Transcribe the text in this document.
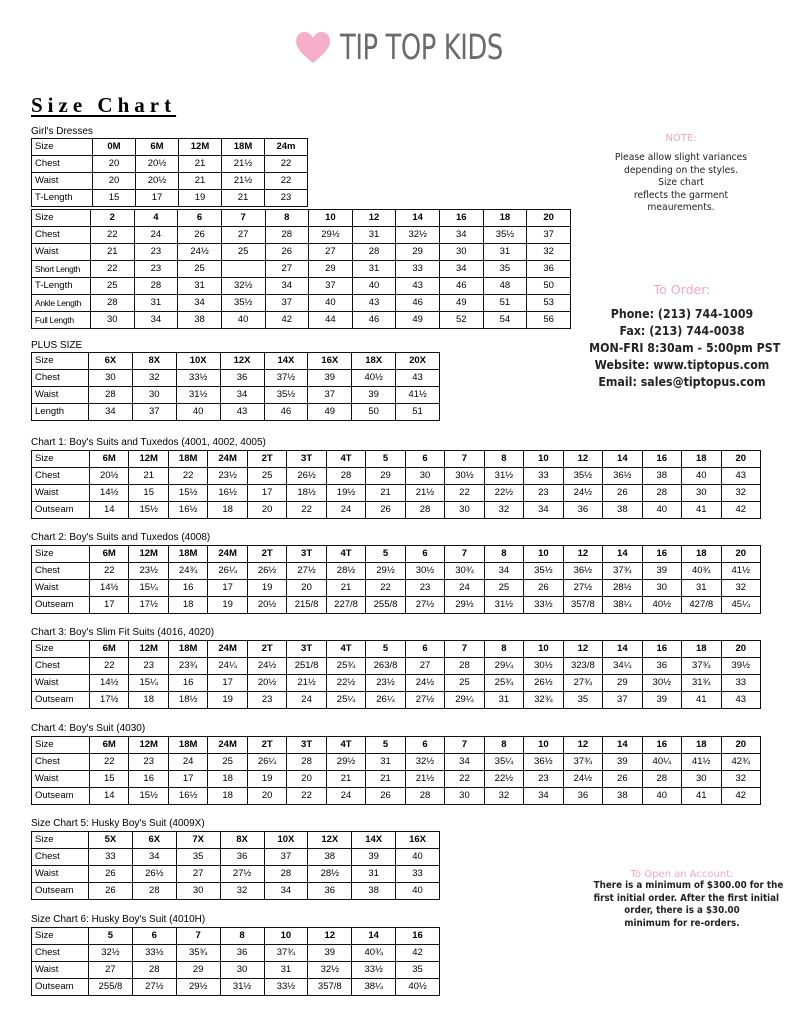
TIP TOP KIDS
Size Chart
Girl's Dresses
Size	0M	6M	12M	18M	24m
Chest	20	20½	21	21½	22
Waist	20	20½	21	21½	22
T-Length	15	17	19	21	23
Size	2	4	6	7	8	10	12	14	16	18	20
Chest	22	24	26	27	28	29½	31	32½	34	35½	37
Waist	21	23	24½	25	26	27	28	29	30	31	32
Short Length	22	23	25		27	29	31	33	34	35	36
T-Length	25	28	31	32½	34	37	40	43	46	48	50
Ankle Length	28	31	34	35½	37	40	43	46	49	51	53
Full Length	30	34	38	40	42	44	46	49	52	54	56
PLUS SIZE
Size	6X	8X	10X	12X	14X	16X	18X	20X
Chest	30	32	33½	36	37½	39	40½	43
Waist	28	30	31½	34	35½	37	39	41½
Length	34	37	40	43	46	49	50	51
Chart 1: Boy's Suits and Tuxedos (4001, 4002, 4005)
Size	6M	12M	18M	24M	2T	3T	4T	5	6	7	8	10	12	14	16	18	20
Chest	20½	21	22	23½	25	26½	28	29	30	30½	31½	33	35½	36½	38	40	43
Waist	14½	15	15½	16½	17	18½	19½	21	21½	22	22½	23	24½	26	28	30	32
Outseam	14	15½	16½	18	20	22	24	26	28	30	32	34	36	38	40	41	42
Chart 2: Boy's Suits and Tuxedos (4008)
Size	6M	12M	18M	24M	2T	3T	4T	5	6	7	8	10	12	14	16	18	20
Chest	22	23½	24¾	26¼	26½	27½	28½	29½	30½	30¾	34	35½	36½	37¾	39	40¾	41½
Waist	14½	15¼	16	17	19	20	21	22	23	24	25	26	27½	28½	30	31	32
Outseam	17	17½	18	19	20½	215/8	227/8	255/8	27½	29½	31½	33½	357/8	38¼	40½	427/8	45¼
Chart 3: Boy's Slim Fit Suits (4016, 4020)
Size	6M	12M	18M	24M	2T	3T	4T	5	6	7	8	10	12	14	16	18	20
Chest	22	23	23¾	24¼	24½	251/8	25¾	263/8	27	28	29¼	30½	323/8	34¼	36	37¾	39½
Waist	14½	15¼	16	17	20½	21½	22½	23½	24½	25	25¾	26½	27¾	29	30½	31¾	33
Outseam	17½	18	18½	19	23	24	25¼	26¼	27½	29¼	31	32¾	35	37	39	41	43
Chart 4: Boy's Suit (4030)
Size	6M	12M	18M	24M	2T	3T	4T	5	6	7	8	10	12	14	16	18	20
Chest	22	23	24	25	26¼	28	29½	31	32½	34	35¼	36½	37¾	39	40¼	41½	42¾
Waist	15	16	17	18	19	20	21	21	21½	22	22½	23	24½	26	28	30	32
Outseam	14	15½	16½	18	20	22	24	26	28	30	32	34	36	38	40	41	42
Size Chart 5: Husky Boy's Suit (4009X)
Size	5X	6X	7X	8X	10X	12X	14X	16X
Chest	33	34	35	36	37	38	39	40
Waist	26	26½	27	27½	28	28½	31	33
Outseam	26	28	30	32	34	36	38	40
Size Chart 6: Husky Boy's Suit (4010H)
Size	5	6	7	8	10	12	14	16
Chest	32½	33½	35¾	36	37¾	39	40¾	42
Waist	27	28	29	30	31	32½	33½	35
Outseam	255/8	27½	29½	31½	33½	357/8	38¼	40½
NOTE:
Please allow slight variances
depending on the styles.
Size chart
reflects the garment
meaurements.
To Order:
Phone: (213) 744-1009
Fax: (213) 744-0038
MON-FRI 8:30am - 5:00pm PST
Website: www.tiptopus.com
Email: sales@tiptopus.com
To Open an Account:
There is a minimum of $300.00 for the
first initial order. After the first initial
order, there is a $30.00
minimum for re-orders.
